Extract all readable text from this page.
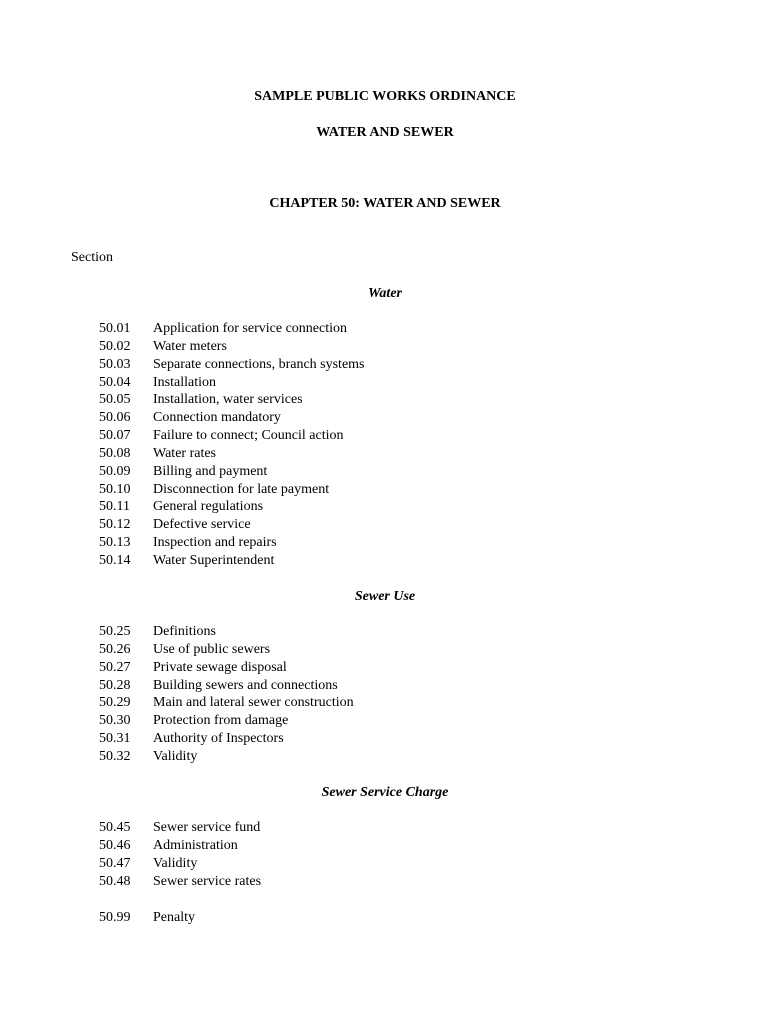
SAMPLE PUBLIC WORKS ORDINANCE
WATER AND SEWER
CHAPTER 50: WATER AND SEWER
Section
Water
50.01	Application for service connection
50.02	Water meters
50.03	Separate connections, branch systems
50.04	Installation
50.05	Installation, water services
50.06	Connection mandatory
50.07	Failure to connect; Council action
50.08	Water rates
50.09	Billing and payment
50.10	Disconnection for late payment
50.11	General regulations
50.12	Defective service
50.13	Inspection and repairs
50.14	Water Superintendent
Sewer Use
50.25	Definitions
50.26	Use of public sewers
50.27	Private sewage disposal
50.28	Building sewers and connections
50.29	Main and lateral sewer construction
50.30	Protection from damage
50.31	Authority of Inspectors
50.32	Validity
Sewer Service Charge
50.45	Sewer service fund
50.46	Administration
50.47	Validity
50.48	Sewer service rates
50.99	Penalty
